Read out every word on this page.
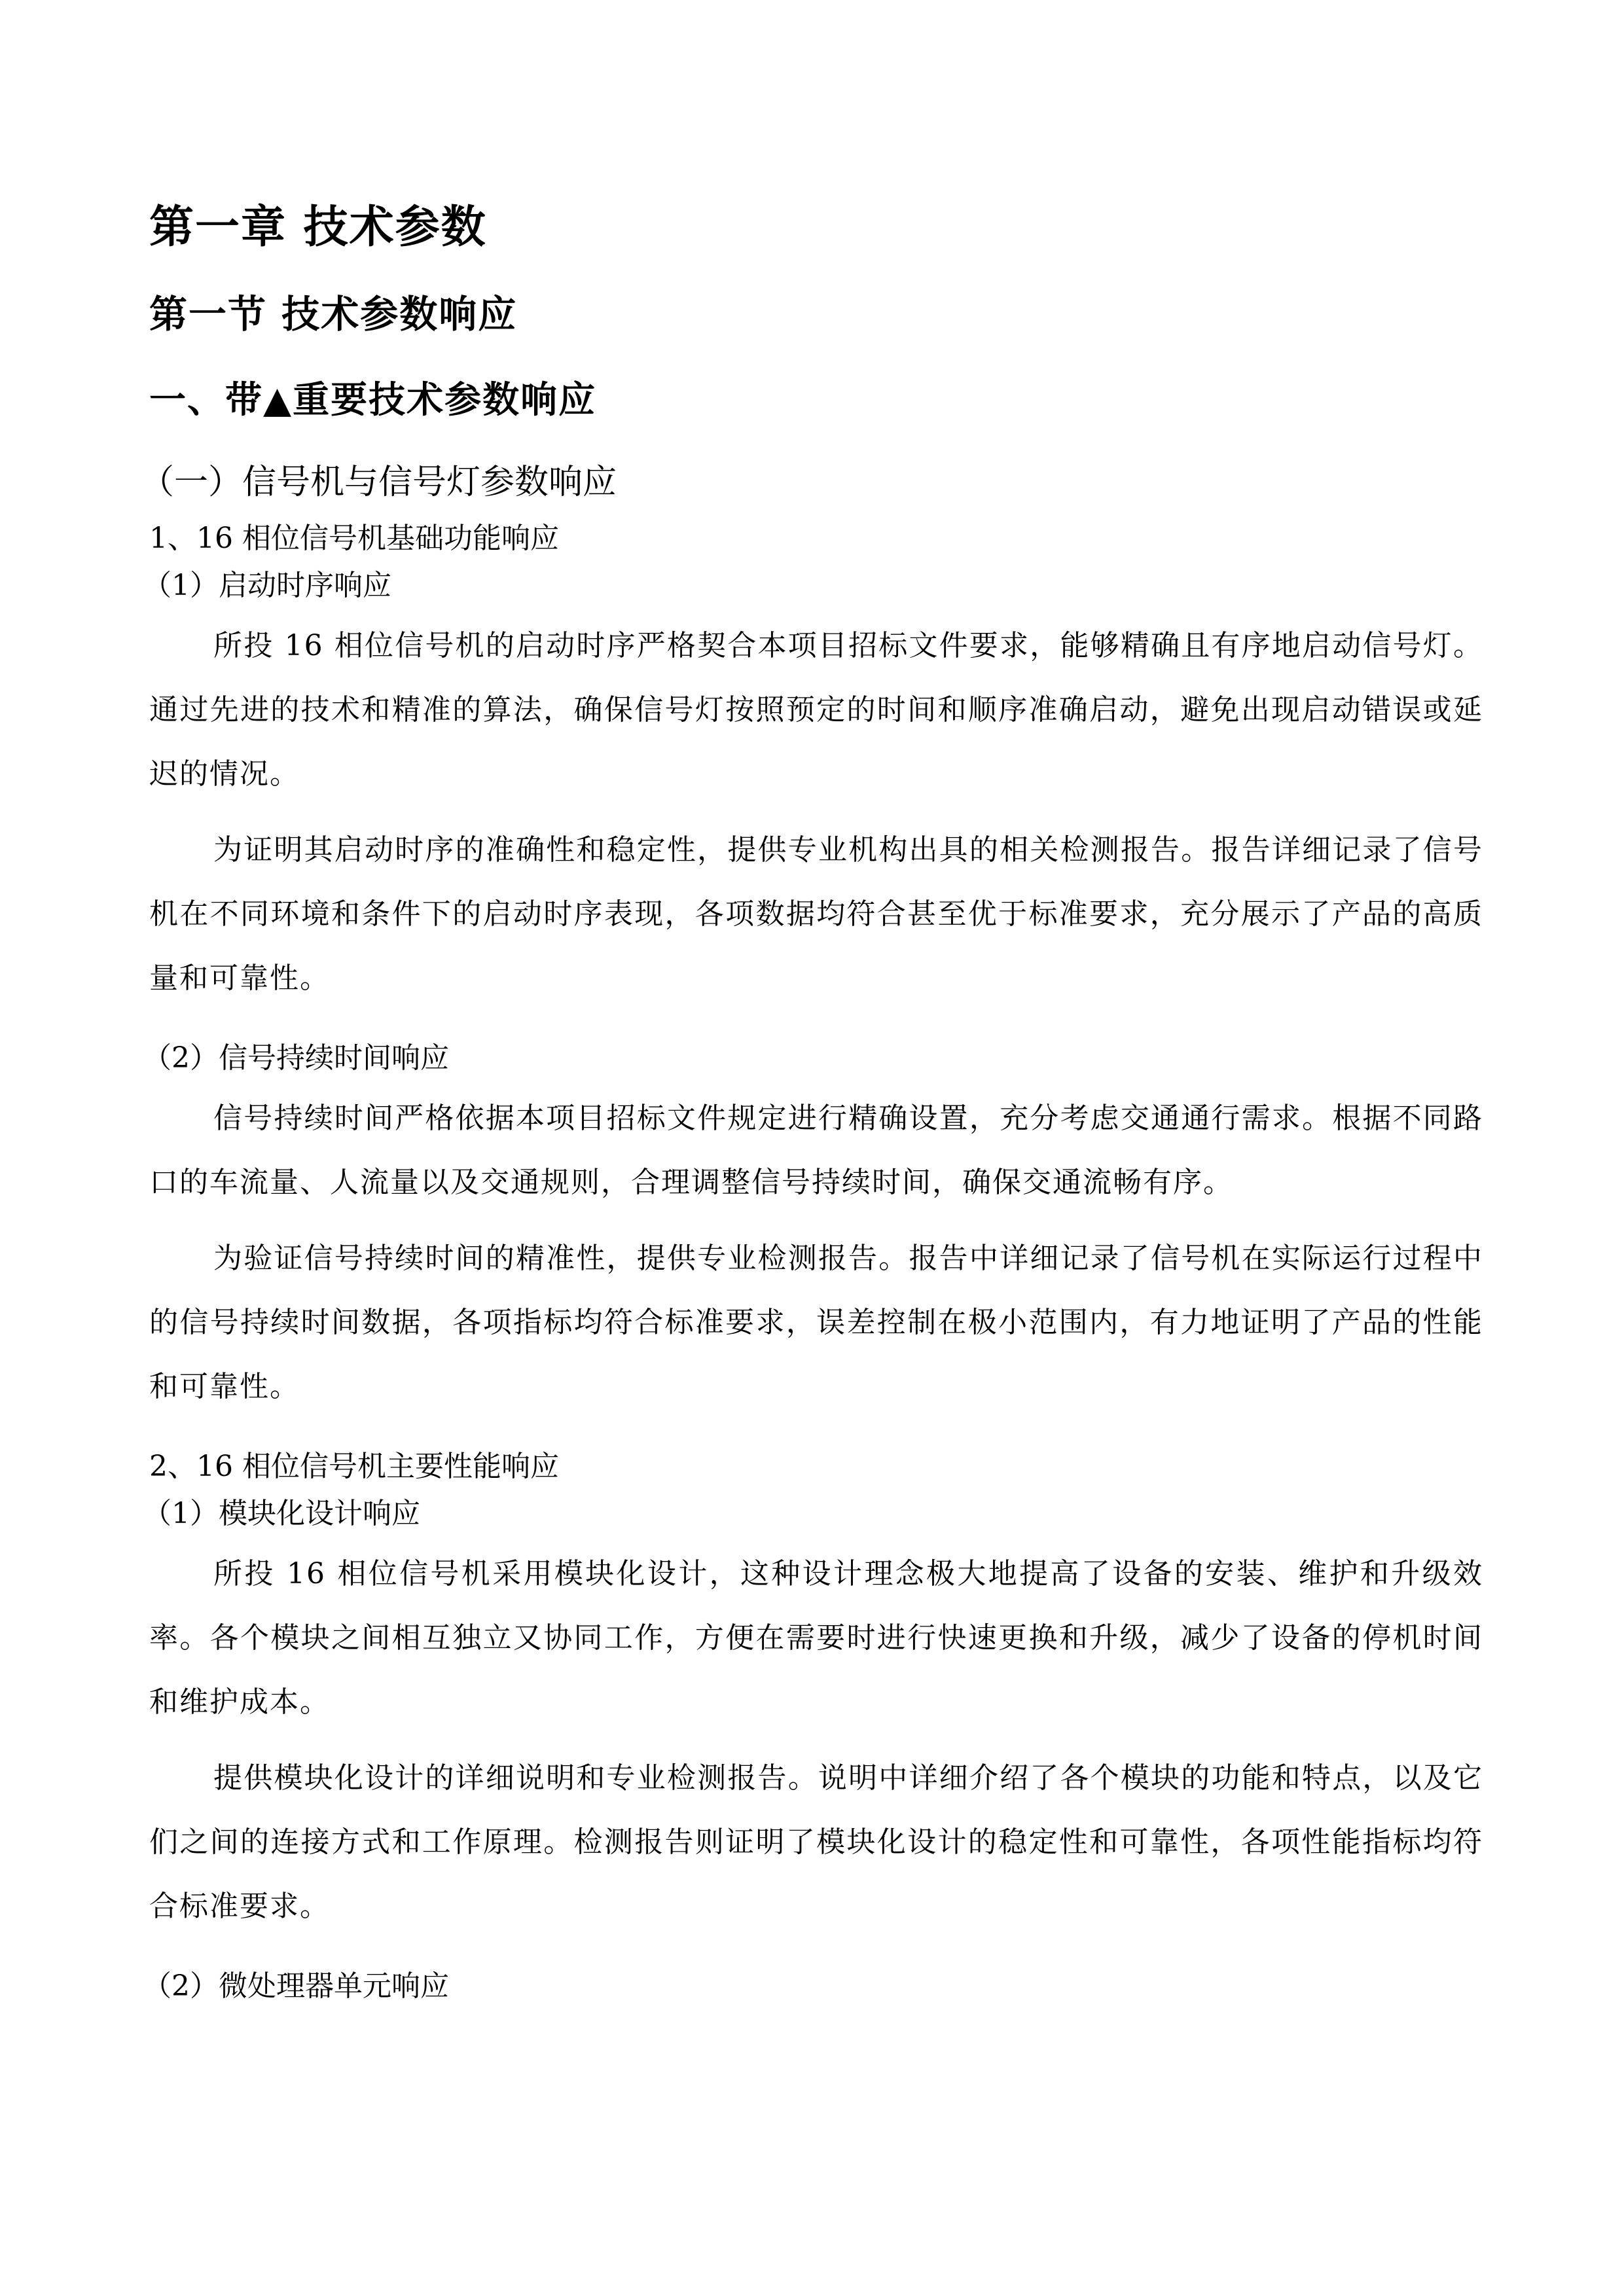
第一章 技术参数
第一节 技术参数响应
一、带▲重要技术参数响应
（一）信号机与信号灯参数响应
1、16 相位信号机基础功能响应
（1）启动时序响应

所投 16 相位信号机的启动时序严格契合本项目招标文件要求，能够精确且有序地启动信号灯。通过先进的技术和精准的算法，确保信号灯按照预定的时间和顺序准确启动，避免出现启动错误或延迟的情况。

为证明其启动时序的准确性和稳定性，提供专业机构出具的相关检测报告。报告详细记录了信号机在不同环境和条件下的启动时序表现，各项数据均符合甚至优于标准要求，充分展示了产品的高质量和可靠性。

（2）信号持续时间响应

信号持续时间严格依据本项目招标文件规定进行精确设置，充分考虑交通通行需求。根据不同路口的车流量、人流量以及交通规则，合理调整信号持续时间，确保交通流畅有序。

为验证信号持续时间的精准性，提供专业检测报告。报告中详细记录了信号机在实际运行过程中的信号持续时间数据，各项指标均符合标准要求，误差控制在极小范围内，有力地证明了产品的性能和可靠性。

2、16 相位信号机主要性能响应
（1）模块化设计响应

所投 16 相位信号机采用模块化设计，这种设计理念极大地提高了设备的安装、维护和升级效率。各个模块之间相互独立又协同工作，方便在需要时进行快速更换和升级，减少了设备的停机时间和维护成本。

提供模块化设计的详细说明和专业检测报告。说明中详细介绍了各个模块的功能和特点，以及它们之间的连接方式和工作原理。检测报告则证明了模块化设计的稳定性和可靠性，各项性能指标均符合标准要求。

（2）微处理器单元响应
